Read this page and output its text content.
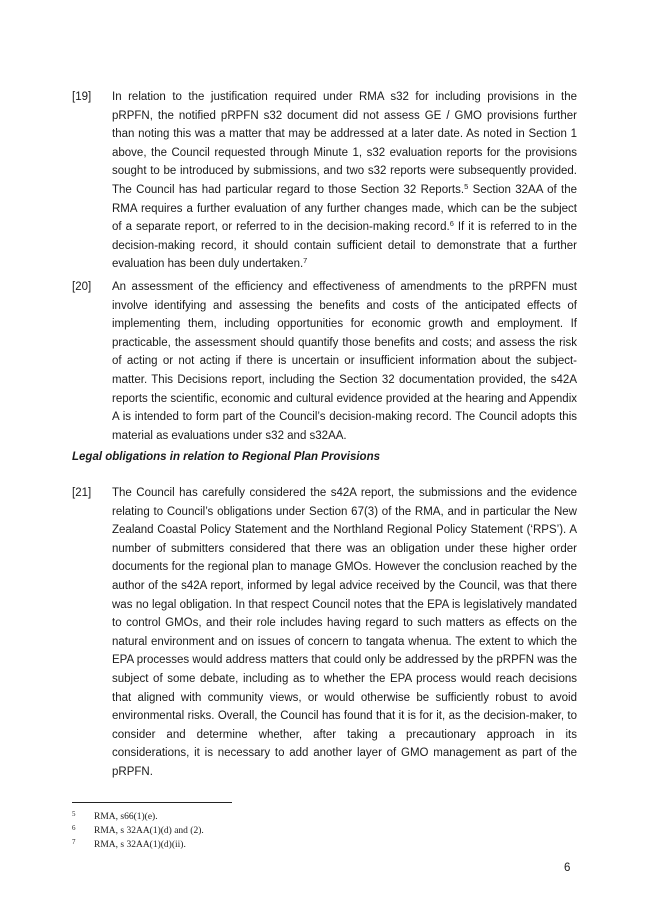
[19]	In relation to the justification required under RMA s32 for including provisions in the pRPFN, the notified pRPFN s32 document did not assess GE / GMO provisions further than noting this was a matter that may be addressed at a later date. As noted in Section 1 above, the Council requested through Minute 1, s32 evaluation reports for the provisions sought to be introduced by submissions, and two s32 reports were subsequently provided. The Council has had particular regard to those Section 32 Reports.$^5$ Section 32AA of the RMA requires a further evaluation of any further changes made, which can be the subject of a separate report, or referred to in the decision-making record.$^6$ If it is referred to in the decision-making record, it should contain sufficient detail to demonstrate that a further evaluation has been duly undertaken.$^7$
[20]	An assessment of the efficiency and effectiveness of amendments to the pRPFN must involve identifying and assessing the benefits and costs of the anticipated effects of implementing them, including opportunities for economic growth and employment. If practicable, the assessment should quantify those benefits and costs; and assess the risk of acting or not acting if there is uncertain or insufficient information about the subject-matter. This Decisions report, including the Section 32 documentation provided, the s42A reports the scientific, economic and cultural evidence provided at the hearing and Appendix A is intended to form part of the Council’s decision-making record. The Council adopts this material as evaluations under s32 and s32AA.
Legal obligations in relation to Regional Plan Provisions
[21]	The Council has carefully considered the s42A report, the submissions and the evidence relating to Council’s obligations under Section 67(3) of the RMA, and in particular the New Zealand Coastal Policy Statement and the Northland Regional Policy Statement (‘RPS’). A number of submitters considered that there was an obligation under these higher order documents for the regional plan to manage GMOs. However the conclusion reached by the author of the s42A report, informed by legal advice received by the Council, was that there was no legal obligation. In that respect Council notes that the EPA is legislatively mandated to control GMOs, and their role includes having regard to such matters as effects on the natural environment and on issues of concern to tangata whenua. The extent to which the EPA processes would address matters that could only be addressed by the pRPFN was the subject of some debate, including as to whether the EPA process would reach decisions that aligned with community views, or would otherwise be sufficiently robust to avoid environmental risks. Overall, the Council has found that it is for it, as the decision-maker, to consider and determine whether, after taking a precautionary approach in its considerations, it is necessary to add another layer of GMO management as part of the pRPFN.
5 RMA, s66(1)(e).
6 RMA, s 32AA(1)(d) and (2).
7 RMA, s 32AA(1)(d)(ii).
6
